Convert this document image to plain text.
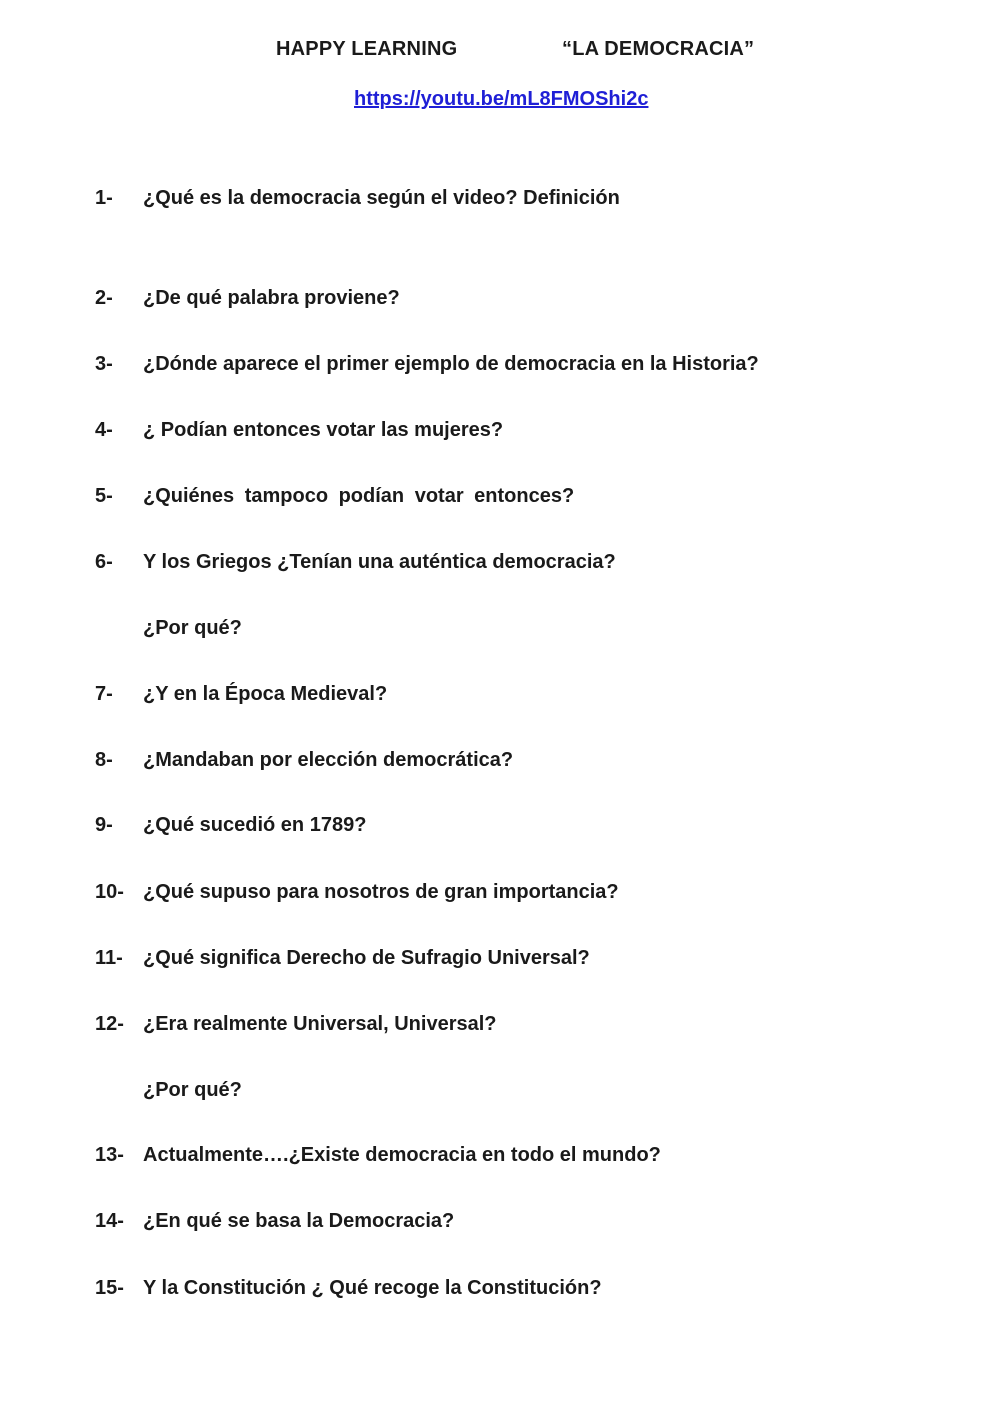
HAPPY LEARNING	“LA DEMOCRACIA”
https://youtu.be/mL8FMOShi2c
1- ¿Qué es la democracia según el video? Definición
2- ¿De qué palabra proviene?
3- ¿Dónde aparece el primer ejemplo de democracia en la Historia?
4- ¿ Podían entonces votar las mujeres?
5- ¿Quiénes tampoco podían votar entonces?
6- Y los Griegos ¿Tenían una auténtica democracia?
¿Por qué?
7- ¿Y en la Época Medieval?
8- ¿Mandaban por elección democrática?
9- ¿Qué sucedió en 1789?
10- ¿Qué supuso para nosotros de gran importancia?
11- ¿Qué significa Derecho de Sufragio Universal?
12- ¿Era realmente Universal, Universal?
¿Por qué?
13- Actualmente….¿Existe democracia en todo el mundo?
14- ¿En qué se basa la Democracia?
15- Y la Constitución ¿ Qué recoge la Constitución?
